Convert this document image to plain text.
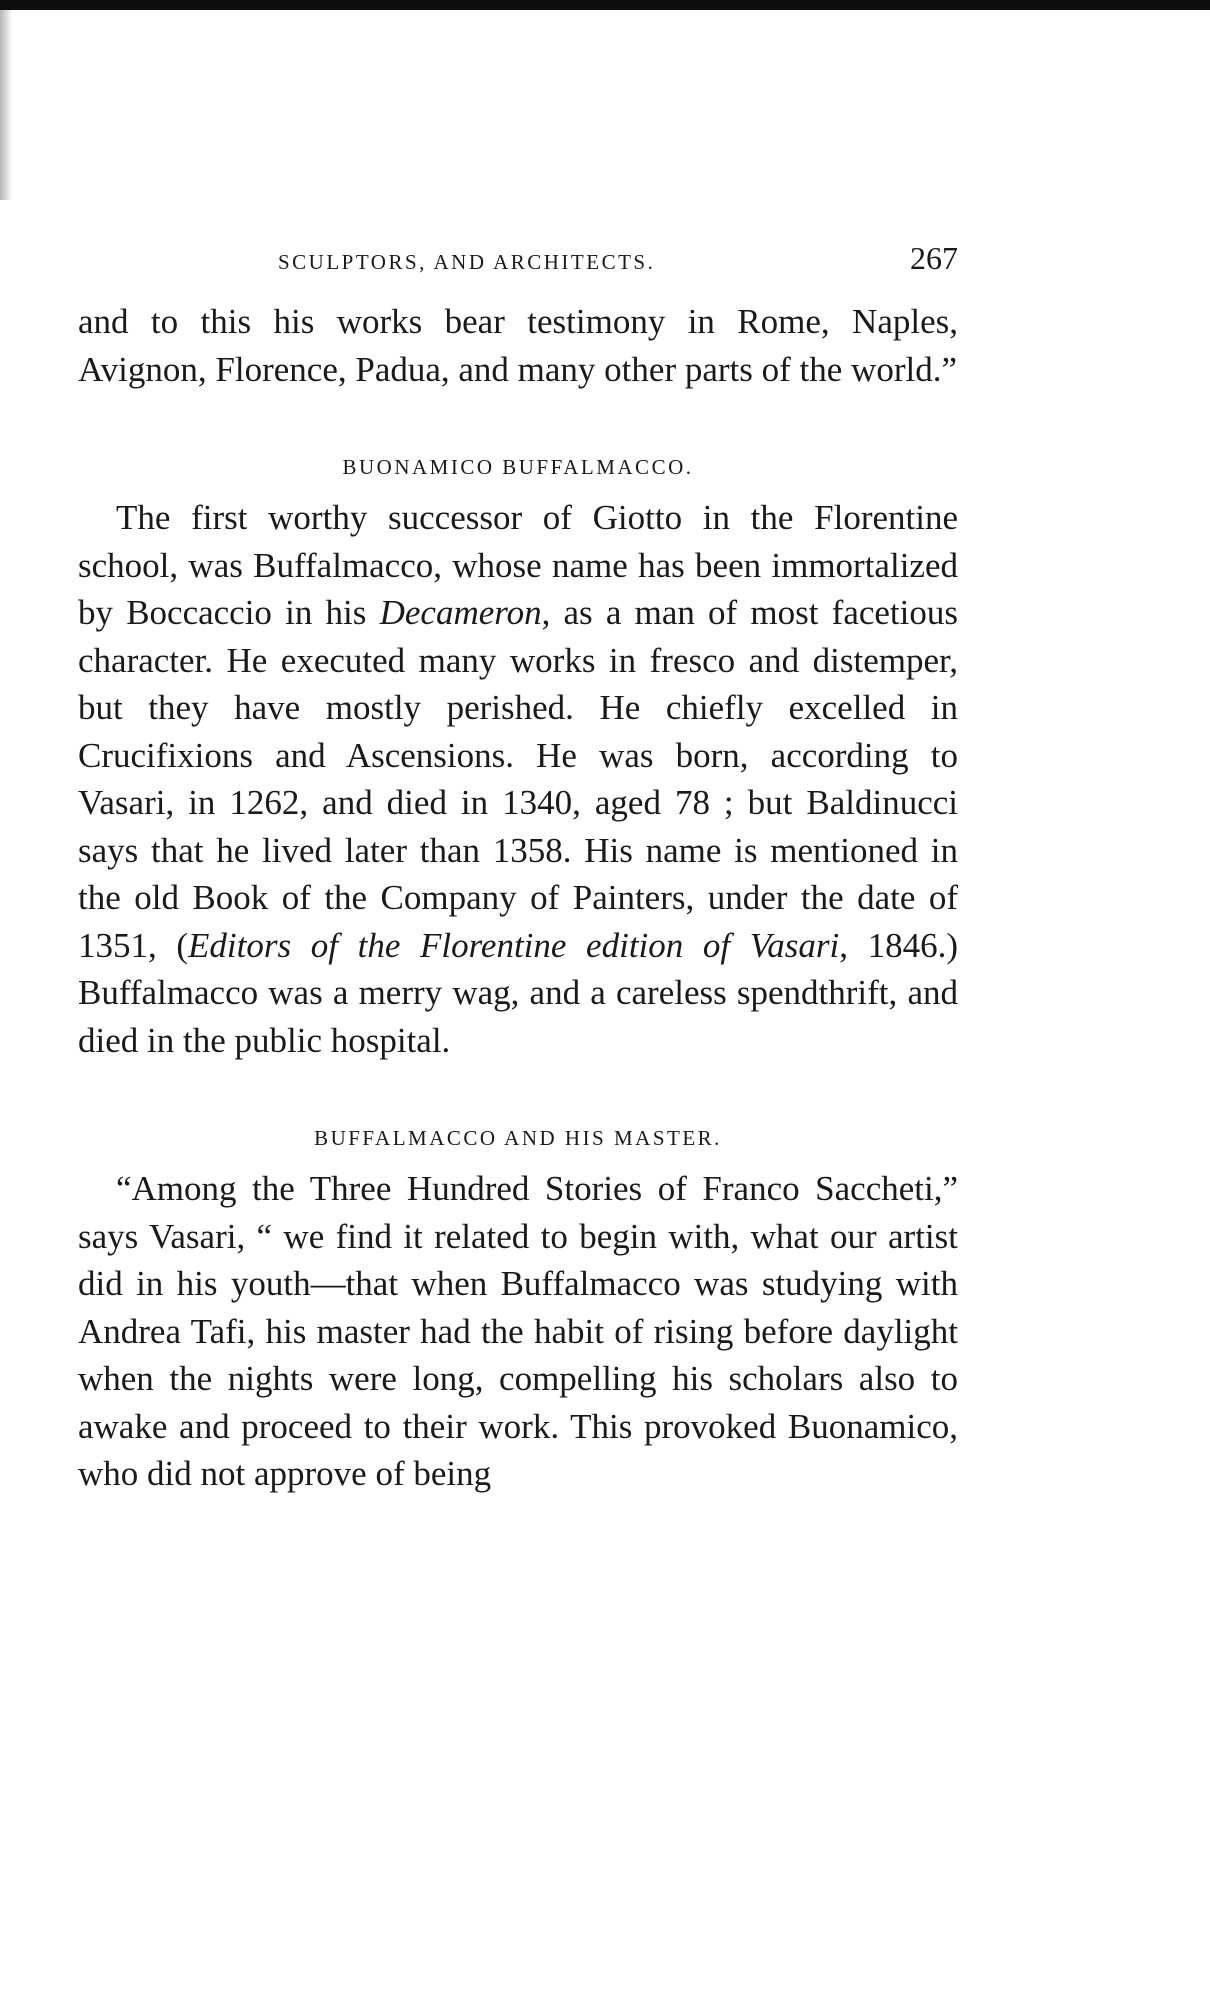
SCULPTORS, AND ARCHITECTS.	267

and to this his works bear testimony in Rome, Naples, Avignon, Florence, Padua, and many other parts of the world.”

BUONAMICO BUFFALMACCO.

The first worthy successor of Giotto in the Florentine school, was Buffalmacco, whose name has been immortalized by Boccaccio in his Decameron, as a man of most facetious character. He executed many works in fresco and distemper, but they have mostly perished. He chiefly excelled in Crucifixions and Ascensions. He was born, according to Vasari, in 1262, and died in 1340, aged 78 ; but Baldinucci says that he lived later than 1358. His name is mentioned in the old Book of the Company of Painters, under the date of 1351, (Editors of the Florentine edition of Vasari, 1846.) Buffalmacco was a merry wag, and a careless spendthrift, and died in the public hospital.

BUFFALMACCO AND HIS MASTER.

“Among the Three Hundred Stories of Franco Saccheti,” says Vasari, “ we find it related to begin with, what our artist did in his youth—that when Buffalmacco was studying with Andrea Tafi, his master had the habit of rising before daylight when the nights were long, compelling his scholars also to awake and proceed to their work. This provoked Buonamico, who did not approve of being
